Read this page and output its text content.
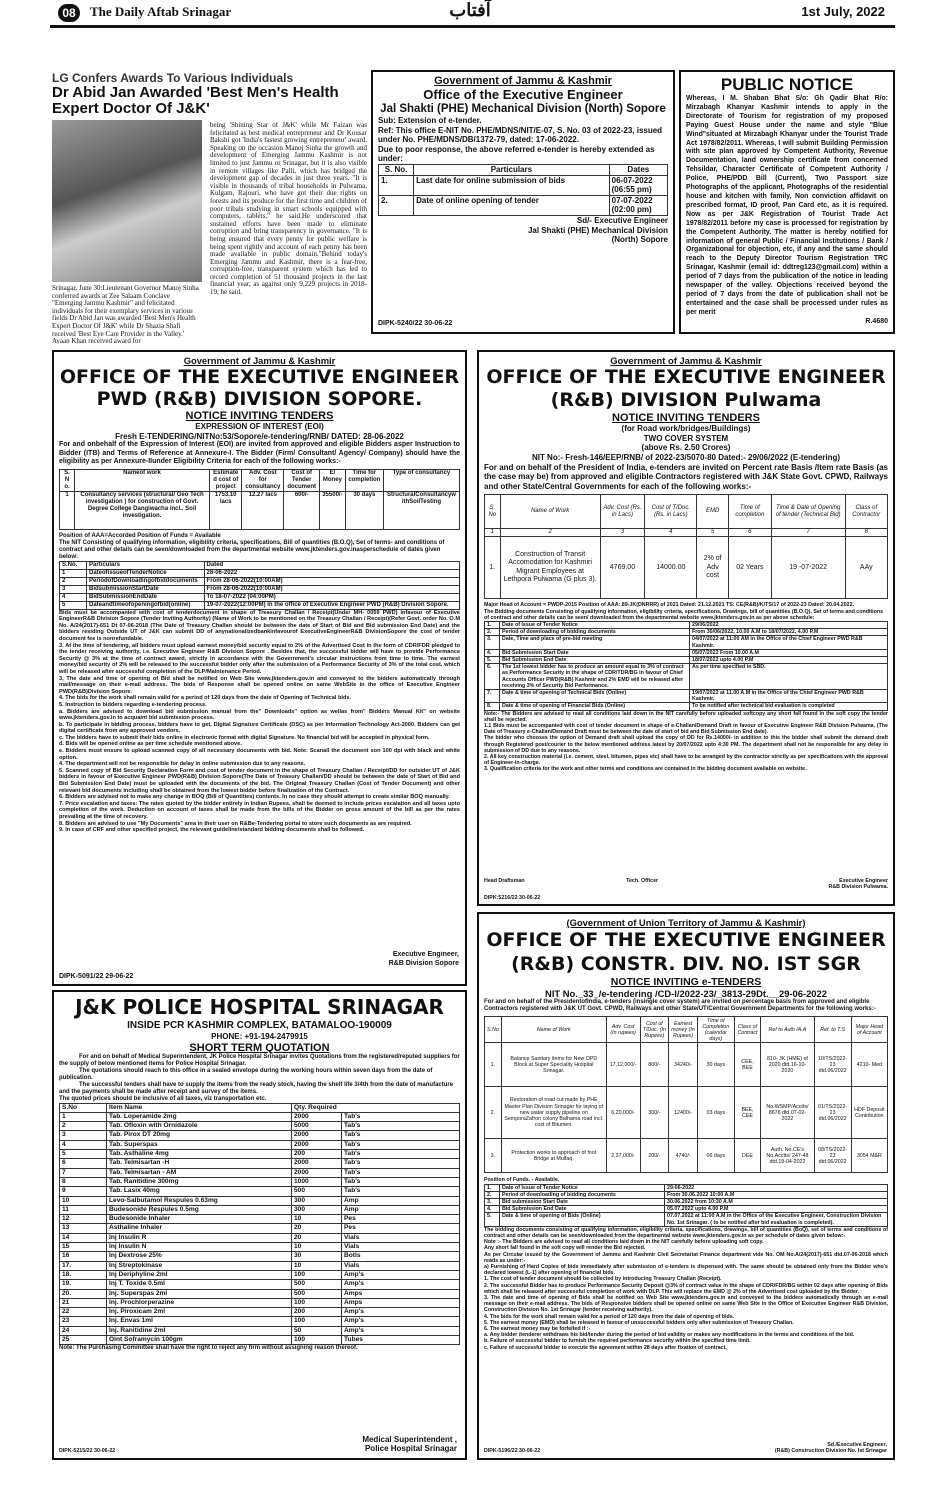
08	The Daily Aftab Srinagar	آفتاب	1st July, 2022
LG Confers Awards To Various Individuals
Dr Abid Jan Awarded 'Best Men's Health Expert Doctor Of J&K'
Srinagar, June 30:Lieutenant Governor Manoj Sinha conferred awards at Zee Salaam Conclave "Emerging Jammu Kashmir" and felicitated individuals for their exemplary services in various fields Dr Abid Jan was awarded 'Best Men's Health Expert Doctor Of J&K' while Dr Shazia Shafi received 'Best Eye Care Provider in the Valley.' Ayaan Khan received award for
being 'Shining Star of J&K' while Mr Faizan was felicitated as best medical entrepreneur and Dr Kousar Bakshi got 'India's fastest growing entrepreneur' award. Speaking on the occasion Manoj Sinha the growth and development of Emerging Jammu Kashmir is not limited to just Jammu or Srinagar, but it is also visible in remote villages like Palli, which has bridged the development gap of decades in just three years. "It is visible in thousands of tribal households in Pulwama, Kulgam, Rajouri, who have got their due rights on forests and its produce for the first time and children of poor tribals studying in smart schools equipped with computers, tablets," he said.He underscored that sustained efforts have been made to eliminate corruption and bring transparency in governance. "It is being ensured that every penny for public welfare is being spent rightly and account of each penny has been made available in public domain."Behind today's Emerging Jammu and Kashmir, there is a fear-free, corruption-free, transparent system which has led to record completion of 51 thousand projects in the last financial year, as against only 9,229 projects in 2018-19, he said.
Government of Jammu & Kashmir
Office of the Executive Engineer
Jal Shakti (PHE) Mechanical Division (North) Sopore
Sub: Extension of e-tender.
Ref: This office E-NIT No. PHE/MDNS/NIT/E-07, S. No. 03 of 2022-23, issued under No. PHE/MDNS/DB/1372-79, dated: 17-06-2022.
Due to poor response, the above referred e-tender is hereby extended as under:
S. No.	Particulars	Dates
1.	Last date for online submission of bids	06-07-2022
(06:55 pm)

2.	Date of online opening of tender	07-07-2022
(02:00 pm)
Sd/- Executive Engineer
Jal Shakti (PHE) Mechanical Division
(North) Sopore
DIPK-5240/22 30-06-22
PUBLIC NOTICE
Whereas, I M. Shaban Bhat S/o: Gh Qadir Bhat R/o: Mirzabagh Khanyar Kashmir intends to apply in the Directorate of Tourism for registration of my proposed Paying Guest House under the name and style "Blue Wind"situated at Mirzabagh Khanyar under the Tourist Trade Act 1978/82/2011. Whereas, I will submit Building Permission with site plan approved by Competent Authority, Revenue Documentation, land ownership certificate from concerned Tehsildar, Character Certificate of Competent Authority / Police, PHE/PDD Bill (Current), Two Passport size Photographs of the applicant, Photographs of the residential house and kitchen with family, Non conviction affidavit on prescribed format, ID proof, Pan Card etc, as it is required. Now as per J&K Registration of Tourist Trade Act 1978/82/2011 before my case is processed for registration by the Competent Authority. The matter is hereby notified for information of general Public / Financial Institutions / Bank / Organizational for objection, etc, if any and the same should reach to the Deputy Director Tourism Registration TRC Srinagar, Kashmir (email id: ddtreg123@gmail.com) within a period of 7 days from the publication of the notice in leading newspaper of the valley. Objections received beyond the period of 7 days from the date of publication shall not be entertained and the case shall be processed under rules as per merit
R.4680
Government of Jammu & Kashmir
OFFICE OF THE EXECUTIVE ENGINEER
PWD (R&B) DIVISION SOPORE.
NOTICE INVITING TENDERS
EXPRESSION OF INTEREST (EOI)
Fresh E-TENDERING/NITNo:53/Sopore/e-tendering/RNB/ DATED: 28-06-2022
For and onbehalf of the Expression of Interest (EOI) are invited from approved and eligible Bidders asper Instruction to Bidder (ITB) and Terms of Reference at Annexure-I. The Bidder (Firm/ Consultant/ Agency/ Company) should have the eligibility as per Annexure-IIunder Eligibility Criteria for each of the following works:-
S. N o.	Nameof work	Estimate d cost of project	Adv. Cost for consultancy	Cost of Tender document	E/ Money	Time for completion	Type of consultancy
1	Consultancy services (structural/ Geo Tech investigation ) for construction of Govt. Degree College Dangiwacha incl.. Soil investigation.	1753.10 lacs	12.27 lacs	600/-	35500/-	30 days	StructuralConsultancyw ithSoilTesting
Position of AAA=Accorded Position of Funds = Available
The NIT Consisting of qualifying information, eligibility criteria, specifications, Bill of quantities (B.O.Q), Set of terms- and conditions of contract and other details can be seen/downloaded from the departmental website www.jktenders.gov.inasperschedule of dates given below:
S.No.	Particulars	Dated
1	DateofissueofTenderNotice	28-06-2022
2	PeriodofDownloadingofbiddocuments	From 28-06-2022(10:00AM)
3	BidsubmissionStartDate	From 28-06-2022(10:00AM)
4	BidSubmissionEndDate	To 18-07-2022 (04:00PM)
5	Dateandtimeofopeningofbid(online)	19-07-2022(12:00PM) In the office of Executive Engineer PWD (R&B) Division Sopore.

Bids must be accompanied with cost of tenderdocument in shape of Treasury Challan / Receipt(Under MH- 0059 PWD) infavour of Executive EngineerR&B Division Sopore (Tender Inviting Authority) (Name of Work to be mentioned on the Treasury Challan / Receipt)(Refer Govt. order No. O.M No. A/24(2017)-651 Dt 07-06-2018 (The Date of Treasury Challan should be between the date of Start of Bid and Bid submission End Date) and the bidders residing Outside UT of J&K can submit DD of anynationalizedbankinfavourof ExecutiveEngineerR&B DivisionSopore the cost of tender document fee is nonrefundable.

3. At the time of tendering, all bidders must upload earnest money/bid security equal to 2% of the Advertised Cost in the form of CDR/FDR pledged to the tender receiving authority, i.e. Executive Engineer R&B Division Sopore . Besides that, the successful bidder will have to provide Performance Security @ 3% at the time of contract award, strictly in accordance with the Government's circular instructions from time to time. The earnest money/bid security of 2% will be released to the successful bidder only after the submission of a Performance Security of 3% of the total cost, which will be released after successful completion of the DLP/Maintenance Period.

3, The date and time of opening of Bid shall be notified on Web Site www.jktenders.gov.in and conveyed to the bidders automatically through mail/message on their e-mail address. The bids of Response shall be opened online on same WebSite in the office of Executive Engineer PWD(R&B)Division Sopore.

4. The bids for the work shall remain valid for a period of 120 days from the date of Opening of Technical bids.

5. Instruction to bidders regarding e-tendering process.

a. Bidders are advised to download bid submission manual from the" Downloads" option as wellas from" Bidders Manual Kit" on website www.jktenders.gov.in to acquaint bid submission process.

b. To participate in bidding process, bidders have to get, Digital Signature Certificate (DSC) as per Information Technology Act-2000. Bidders can get digital certificate from any approved vendors.

c. The bidders have to submit their bids online in electronic format with digital Signature. No financial bid will be accepted in physical form.

d. Bids will be opened online as per time schedule mentioned above.

e. Bidders must ensure to upload scanned copy of all necessary documents with bid. Note: Scanall the document son 100 dpi with black and white option.

4. The department will not be responsible for delay in online submission due to any reasons.

5. Scanned copy of Bid Security Declaration Form and cost of tender document in the shape of Treasury Challan / Receipt/DD for outsider UT of J&K bidders in favour of Executive Engineer PWD(R&B) Division Sopore(The Date of Treasury Challan/DD should be between the date of Start of Bid and Bid Submission End Date) must be uploaded with the documents of the bid. The Original Treasury Challan (Cost of Tender Document) and other relevant bid documents including shall be obtained from the lowest bidder before finalization of the Contract.

6. Bidders are advised not to make any change in BOQ (Bill of Quantities) contents. In no case they should attempt to create similar BOQ manually.

7. Price escalation and taxes: The rates quoted by the bidder entirely in Indian Rupees, shall be deemed to include prices escalation and all taxes upto completion of the work. Deduction on account of taxes shall be made from the bills of the Bidder on gross amount of the bill as per the rates prevailing at the time of recovery.

8. Bidders are advised to use "My Documents" area in their user on R&Be-Tendering portal to store such documents as are required.

9. In case of CRF and other specified project, the relevant guideline/standard bidding documents shall be followed.

Executive Engineer,
R&B Division Sopore
DIPK-5091/22 29-06-22
Government of Jammu & Kashmir
OFFICE OF THE EXECUTIVE ENGINEER
(R&B) DIVISION Pulwama
NOTICE INVITING TENDERS
(for Road work/bridges/Buildings)
TWO COVER SYSTEM
(above Rs. 2.50 Crores)
NIT No:- Fresh-146/EEP/RNB/ of 2022-23/5070-80 Dated:- 29/06/2022 (E-tendering)
For and on behalf of the President of India, e-tenders are invited on Percent rate Basis /Item rate Basis (as the case may be) from approved and eligible Contractors registered with J&K State Govt. CPWD, Railways and other State/Central Governments for each of the following works:-
S. No	Name of Work	Adv. Cost (Rs. in Lacs)	Cost of T/Doc. (Rs. in Lacs)	EMD	Time of completion	Time & Date of Opening of tender (Technical Bid)	Class of Contractor
1	2	3	4	5	6	7	8
1.	Construction of Transit Accomodation for Kashmiri Migrant Employees at Lethpora Pulwama (G plus 3).	4769.00	14000.00	2% of Adv cost	02 Years	19 -07-2022	AAy
Major Head of Account = PWDP-2015 Position of AAA: 89-JK(DNRRR) of 2021 Dated: 21.12.2021 TS: CE(R&B)/K/TS/17 of 2022-23 Dated: 20.04.2022.
The Bidding documents Consisting of qualifying information, eligibility criteria, specifications, Drawings, bill of quantities (B.O.Q), Set of terms and conditions of contract and other details can be seen/ downloaded from the departmental website www.jktenders.gov.in as per above schedule:
1.	Date of Issue of Tender Notice	29/06/2022
2.	Period of downloading of bidding documents	From 30/06/2022, 10.00 A.M to 18/07/2022, 4.00 P.M
3.	Date, Time and place of pre-bid meeting	04/07/2022 at 11:00 AM in the Office of the Chief Engineer PWD R&B Kashmir.
4.	Bid Submission Start Date	05/07/2022 From 10.00 A.M
5.	Bid Submission End Date	18/07/2022 upto 4.00 P.M
6.	The 1st lowest bidder has to produce an amount equal to 3% of contract as Performance Security in the shape of CDR/TDR/BG in favour of Chief Accounts Officer PWD(R&B) Kashmir and 2% EMD will be released after receiving 3% of Security Bid Performance.	As per time specified in SBD.
7.	Date & time of opening of Technical Bids (Online)	19/07/2022 at 11.00 A.M in the Office of the Chief Engineer PWD R&B Kashmir.
8.	Date & time of opening of Financial Bids (Online)	To be notified after technical bid evaluation is completed

Note:- The Bidders are advised to read all conditions laid down in the NIT carefully before uploaded softcopy any short fall found in the soft copy the tender shall be rejected.

1.1 Bids must be accompanied with cost of tender document in shape of e-Challan/Demand Draft in favour of Executive Engineer R&B Division Pulwama. (The Date of Treasury e-Challan/Demand Draft must be between the date of start of bid and Bid Submission End date).

The bidder who chooses the option of Demand draft shall upload the copy of DD for Rs.14000/- in addition to this the bidder shall submit the demand draft through Registered post/courier to the below mentioned address latest by 20/07/2022 upto 4:30 PM. The department shall not be responsible for any delay in submission of DD due to any reasons.

2. All key construction material (i.e. cement, steel, bitumen, pipes etc) shall have to be arranged by the contractor strictly as per specifications with the approval of Engineer-in-charge.

3. Qualification criteria for the work and other terms and conditions are contained in the bidding document available on website.

Head Draftsman	Tech. Officer	Executive Engineer
R&B Division Pulwama.
DIPK:5216/22 30-06-22
(Government of Union Territory of Jammu & Kashmir)
OFFICE OF THE EXECUTIVE ENGINEER
(R&B) CONSTR. DIV. NO. IST SGR
NOTICE INVITING e-TENDERS
NIT No._33_/e-tendering /CD-I/2022-23/_3813-29Dt.__29-06-2022
For and on behalf of the PresidentofIndia, e-tenders (insingle cover system) are invited on percentage basis from approved and eligible Contractors registered with J&K UT Govt. CPWD, Railways and other State/UT/Central Government Departments for the following works:-
S.No	Name of Work	Adv. Cost (In rupees)	Cost of T/Doc. (In Rupees)	Earnest money (In Rupees)	Time of Completion (calendar days)	Class of Contract	Ref to Auth /A.A	Ref. to T.S	Major Head of Account
1.	Balance Sanitary items for New OPD Block at Super Speciality Hospital Srinagar.	17,12,000/-	800/-	34240/-	30 days	CEE, BEE	810- JK (HME) of 2020 dtd.16-10-2020	10/TS/2022-23 dtd.06/2022	4210- Med
2.	Restoration of road cut made by PHE Master Plan Division Srinagar for laying of new water supply pipeline on SemporaZafron colony Balhama road incl. cost of Bitumen.	6,20,000/-	300/-	12400/-	03 days	BEE, CEE	No.WSMP/Acctts/ 8676 dtd.07-02-2022	01/TS/2022-23 dtd.06/2022	HDF Deposit Contribution
3.	Protection works to approach of foot Bridge at Mulfaq.	2,37,000/-	200/-	4740/-	06 days	DEE	Auth. No.CE's No.Acctts/ 247-48 dtd.19-04-2022	08/TS/2022-23 dtd.06/2022	3054 M&R
Position of Funds. - Available.
1.	Date of Issue of Tender Notice	29-06-2022
2.	Period of downloading of bidding documents	From 30.06.2022 10:00 A.M
3.	Bid submission Start Date	30.06.2022 from 10:30 A.M
4.	Bid Submission End Date	05.07.2022 upto 4.00 P.M
5.	Date & time of opening of Bids (Online)	07.07.2022 at 11:00 A.M in the Office of the Executive Engineer, Construction Division No. 1st Srinagar. ( to be notified after bid evaluation is completed).

The bidding documents consisting of qualifying information, eligibility criteria, specifications, drawings, bill of quantities (BoQ), set of terms and conditions of contract and other details can be seen/downloaded from the departmental website www.jktenders.gov.in as per schedule of dates given below:-

Note :- The Bidders are advised to read all conditions laid down in the NIT carefully before uploading soft copy.

Any short fall found in the soft copy will render the Bid rejected.

As per Circular issued by the Government of Jammu and Kashmir Civil Secretariat Finance department vide No. OM No.A/24(2017)-651 dtd.07-06-2018 which reads as under:-

a) Furnishing of Hard Copies of bids immediately after submission of e-tenders is dispensed with. The same should be obtained only from the Bidder who's declared lowest (L-1) after opening of financial bids.

1. The cost of tender document should be collected by introducing Treasury Challan (Receipt).

2. The successful Bidder has to produce Performance Security Deposit @3% of contract value in the shape of CDR/FDR/BG within 02 days after opening of Bids which shall be released after successful completion of work with DLP. This will replace the EMD @ 2% of the Advertised cost uploaded by the Bidder.

3. The date and time of opening of Bids shall be notified on Web Site www.jktenders.gov.in and conveyed to the bidders automatically through an e-mail message on their e-mail address. The bids of Responsive bidders shall be opened online on same Web Site in the Office of Executive Engineer R&B Division, Construction Division No. 1st Srinagar (tender receiving authority).

4. The bids for the work shall remain valid for a period of 120 days from the date of opening of bids.

5. The earnest money (EMD) shall be released in favour of unsuccessful bidders only after submission of Treasury Challan.

6. The earnest money may be forfeited if :-

a. Any bidder /tenderer withdraws his bid/tender during the period of bid validity or makes any modifications in the terms and conditions of the bid.

b. Failure of successful bidder to furnish the required performance security within the specified time limit.

c. Failure of successful bidder to execute the agreement within 28 days after fixation of contract.

Sd./Executive Engineer,
(R&B) Construction Division No. Ist Srinagar
DIPK-5196/22 30-06-22
J&K POLICE HOSPITAL SRINAGAR
INSIDE PCR KASHMIR COMPLEX, BATAMALOO-190009
PHONE: +91-194-2479915
SHORT TERM QUOTATION
For and on behalf of Medical Superintendent, JK Police Hospital Srinagar invites Quotations from the registered/reputed suppliers for the supply of below mentioned items for Police Hospital Srinagar.
The quotations should reach to this office in a sealed envelope during the working hours within seven days from the date of publication.
The successful tenders shall have to supply the items from the ready stock, having the shelf life 3/4th from the date of manufacture and the payments shall be made after receipt and survey of the items.
The quoted prices should be inclusive of all taxes, viz transportation etc.
S.No	Item Name	Qty. Required	
1	Tab. Loperamide 2mg	2000	Tab's
2	Tab. Ofloxin with Ornidazole	5000	Tab's
3	Tab. Pirox DT 20mg	2000	Tab's
4	Tab. Superspas	2000	Tab's
5	Tab. Asthaline 4mg	200	Tab's
6	Tab. Telmisartan -H	2000	Tab's
7	Tab. Telmisartan - AM	2000	Tab's
8	Tab. Ranitidine 300mg	1000	Tab's
9	Tab. Lasix 40mg	500	Tab's
10	Levo-Salbutamol Respules 0.63mg	300	Amp
11	Budesonide Respules 0.5mg	300	Amp
12	Budesonide Inhaler	10	Pes
13	Asthaline Inhaler	20	Pes
14	Inj Insulin R	20	Vials
15	Inj Insulin N	10	Vials
16	Inj Dextrose 25%	30	Botls
17.	Inj Streptokinase	10	Vials
18.	Inj Deriphyline 2ml	100	Amp's
19.	Inj T. Toxide 0.5ml	500	Amp's
20.	Inj. Superspas 2ml	500	Amps
21	Inj. Prochlorperazine	100	Amps
22	Inj. Piroxicam 2ml	200	Amp's
23	Inj. Envas 1ml	100	Amp's
24	Inj. Ranitidine 2ml	50	Amp's
25	Oint Soframycin 100gm	100	Tubes
Note: The Purchasing Committee shall have the right to reject any firm without assigning reason thereof.
Medical Superintendent ,
Police Hospital Srinagar
DIPK-5215/22 30-06-22
